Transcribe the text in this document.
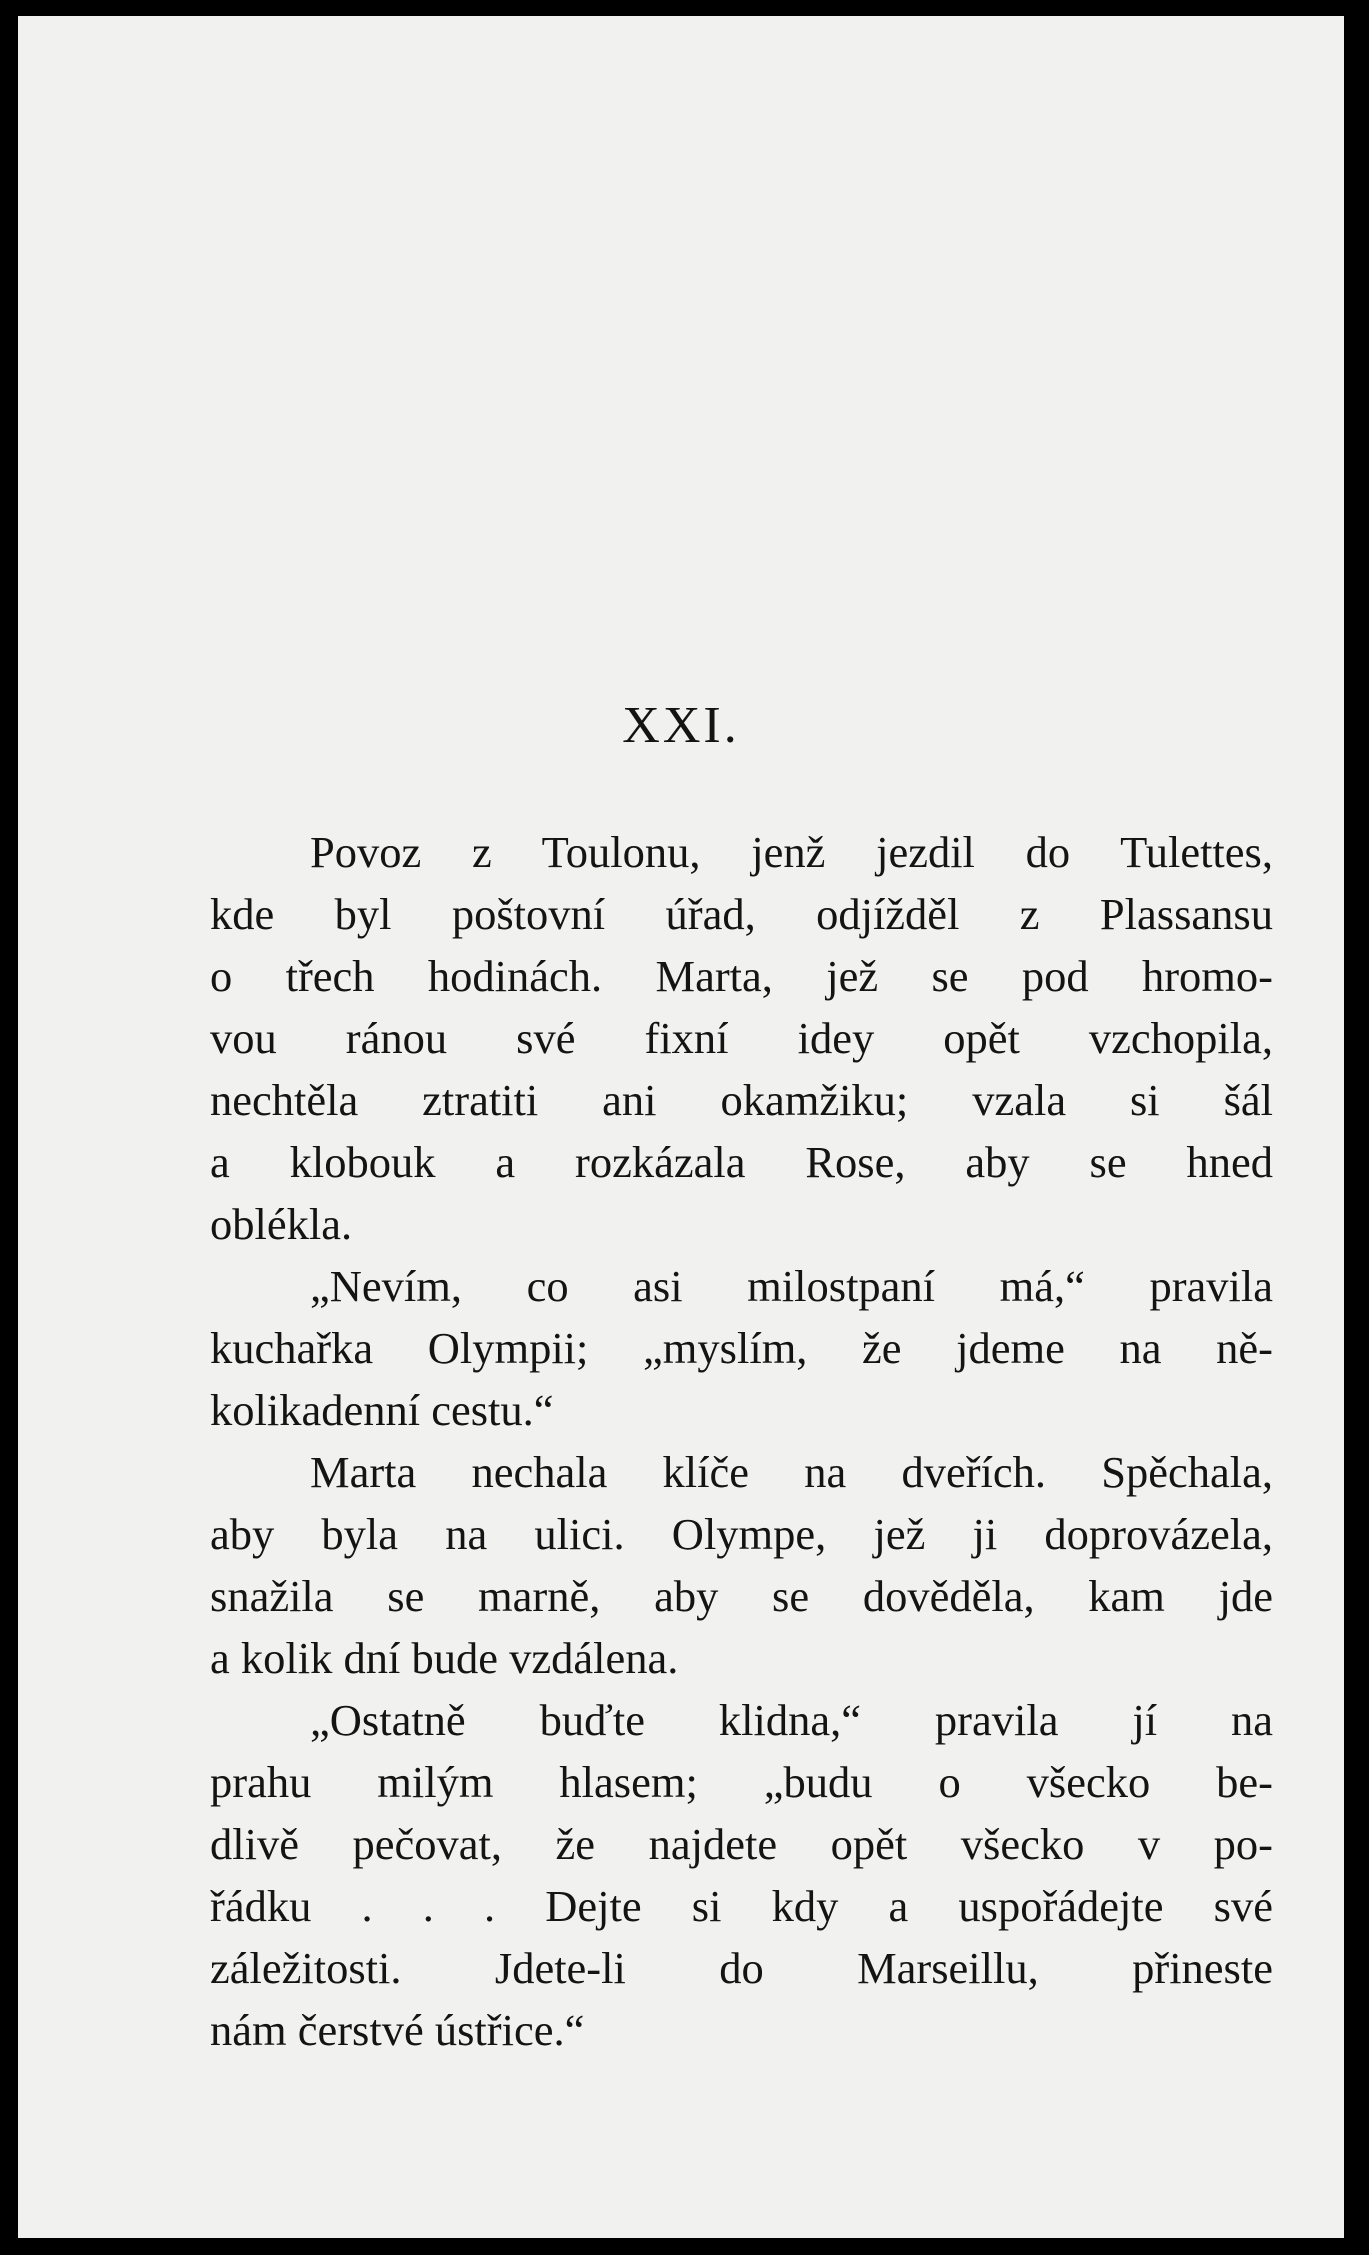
XXI.
Povoz z Toulonu, jenž jezdil do Tulettes,
kde byl poštovní úřad, odjížděl z Plassansu
o třech hodinách. Marta, jež se pod hromo-
vou ránou své fixní idey opět vzchopila,
nechtěla ztratiti ani okamžiku; vzala si šál
a klobouk a rozkázala Rose, aby se hned
oblékla.
„Nevím, co asi milostpaní má,“ pravila
kuchařka Olympii; „myslím, že jdeme na ně-
kolikadenní cestu.“
Marta nechala klíče na dveřích. Spěchala,
aby byla na ulici. Olympe, jež ji doprovázela,
snažila se marně, aby se dověděla, kam jde
a kolik dní bude vzdálena.
„Ostatně buďte klidna,“ pravila jí na
prahu milým hlasem; „budu o všecko be-
dlivě pečovat, že najdete opět všecko v po-
řádku . . . Dejte si kdy a uspořádejte své
záležitosti. Jdete-li do Marseillu, přineste
nám čerstvé ústřice.“
